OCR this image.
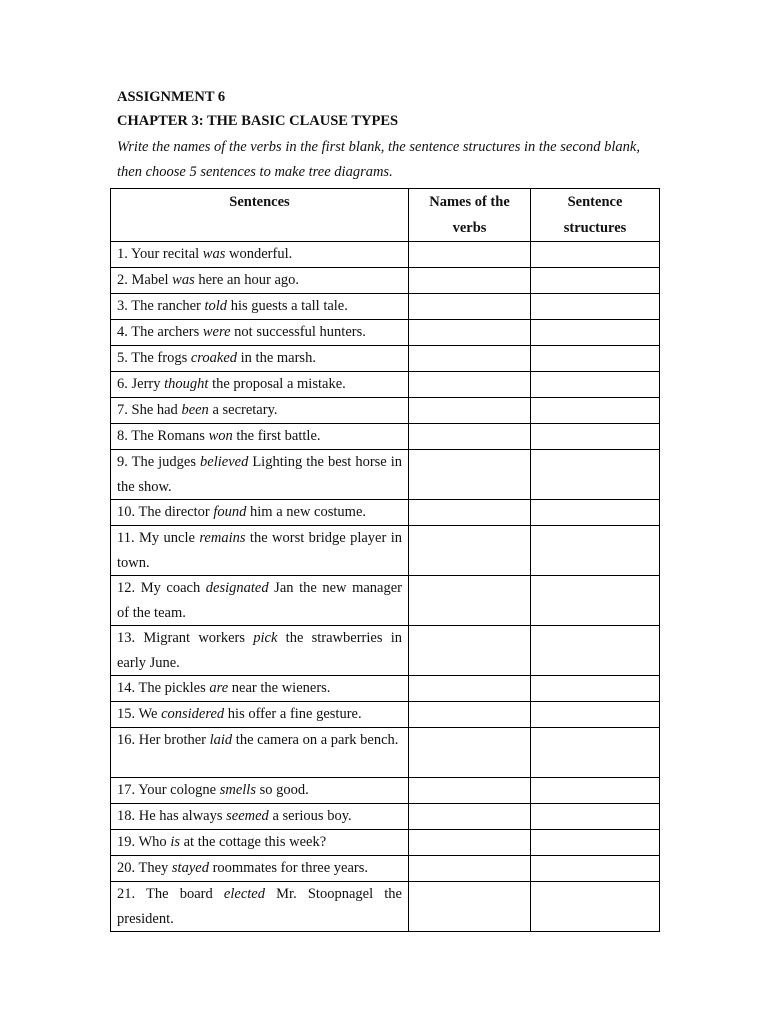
ASSIGNMENT 6
CHAPTER 3: THE BASIC CLAUSE TYPES
Write the names of the verbs in the first blank, the sentence structures in the second blank, then choose 5 sentences to make tree diagrams.
Sentences	Names of the verbs	Sentence structures
1. Your recital was wonderful.		
2. Mabel was here an hour ago.		
3. The rancher told his guests a tall tale.		
4. The archers were not successful hunters.		
5. The frogs croaked in the marsh.		
6. Jerry thought the proposal a mistake.		
7. She had been a secretary.		
8. The Romans won the first battle.		
9. The judges believed Lighting the best horse in the show.		
10. The director found him a new costume.		
11. My uncle remains the worst bridge player in town.		
12. My coach designated Jan the new manager of the team.		
13. Migrant workers pick the strawberries in early June.		
14. The pickles are near the wieners.		
15. We considered his offer a fine gesture.		
16. Her brother laid the camera on a park bench.		
17. Your cologne smells so good.		
18. He has always seemed a serious boy.		
19. Who is at the cottage this week?		
20. They stayed roommates for three years.		
21. The board elected Mr. Stoopnagel the president.		
